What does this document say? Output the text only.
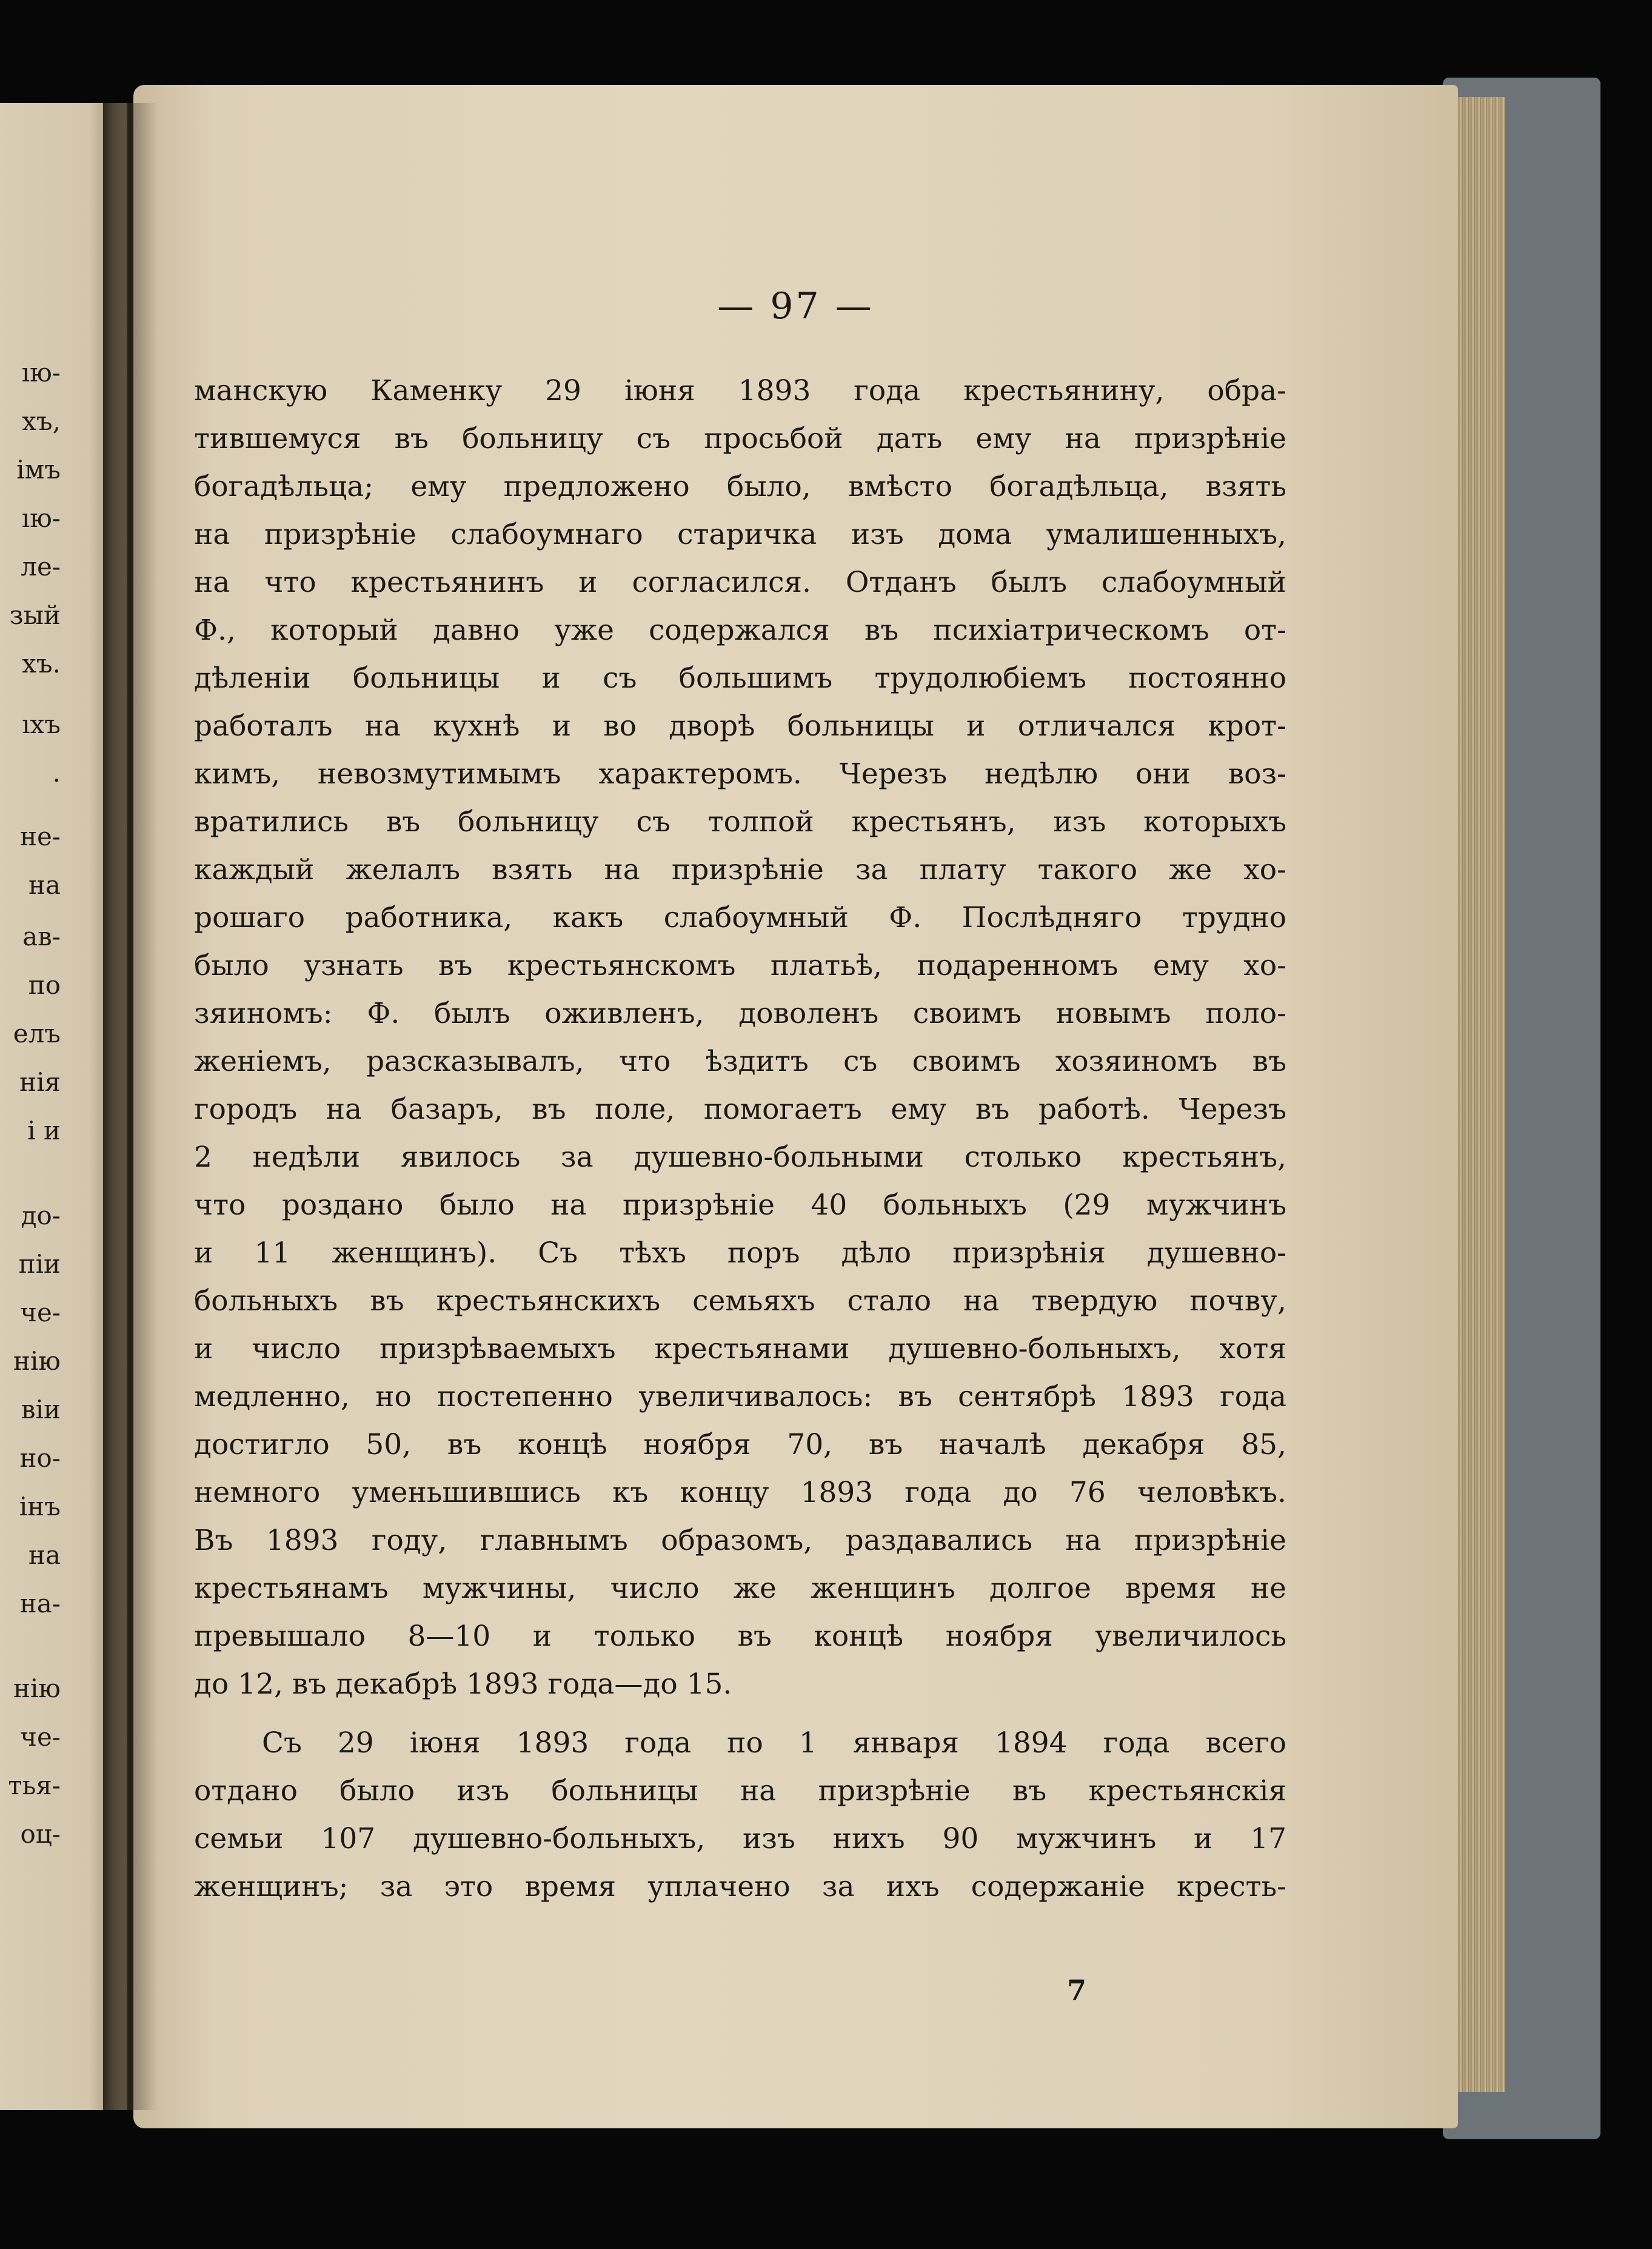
ıю-
хъ,
імъ
ıю-
ле-
зый
хъ.
ıхъ
.
не-
на
ав-
по
елъ
нія
і и
до-
піи
че-
нію
віи
но-
інъ
на
на-
нію
че-
тья-
оц-
— 97 —
манскую Каменку 29 іюня 1893 года крестьянину, обра-
тившемуся въ больницу съ просьбой дать ему на призрѣніе
богадѣльца; ему предложено было, вмѣсто богадѣльца, взять
на призрѣніе слабоумнаго старичка изъ дома умалишенныхъ,
на что крестьянинъ и согласился. Отданъ былъ слабоумный
Ф., который давно уже содержался въ психіатрическомъ от-
дѣленіи больницы и съ большимъ трудолюбіемъ постоянно
работалъ на кухнѣ и во дворѣ больницы и отличался крот-
кимъ, невозмутимымъ характеромъ. Черезъ недѣлю они воз-
вратились въ больницу съ толпой крестьянъ, изъ которыхъ
каждый желалъ взять на призрѣніе за плату такого же хо-
рошаго работника, какъ слабоумный Ф. Послѣдняго трудно
было узнать въ крестьянскомъ платьѣ, подаренномъ ему хо-
зяиномъ: Ф. былъ оживленъ, доволенъ своимъ новымъ поло-
женіемъ, разсказывалъ, что ѣздитъ съ своимъ хозяиномъ въ
городъ на базаръ, въ поле, помогаетъ ему въ работѣ. Черезъ
2 недѣли явилось за душевно-больными столько крестьянъ,
что роздано было на призрѣніе 40 больныхъ (29 мужчинъ
и 11 женщинъ). Съ тѣхъ поръ дѣло призрѣнія душевно-
больныхъ въ крестьянскихъ семьяхъ стало на твердую почву,
и число призрѣваемыхъ крестьянами душевно-больныхъ, хотя
медленно, но постепенно увеличивалось: въ сентябрѣ 1893 года
достигло 50, въ концѣ ноября 70, въ началѣ декабря 85,
немного уменьшившись къ концу 1893 года до 76 человѣкъ.
Въ 1893 году, главнымъ образомъ, раздавались на призрѣніе
крестьянамъ мужчины, число же женщинъ долгое время не
превышало 8—10 и только въ концѣ ноября увеличилось
до 12, въ декабрѣ 1893 года—до 15.
Съ 29 іюня 1893 года по 1 января 1894 года всего
отдано было изъ больницы на призрѣніе въ крестьянскія
семьи 107 душевно-больныхъ, изъ нихъ 90 мужчинъ и 17
женщинъ; за это время уплачено за ихъ содержаніе кресть-
7
